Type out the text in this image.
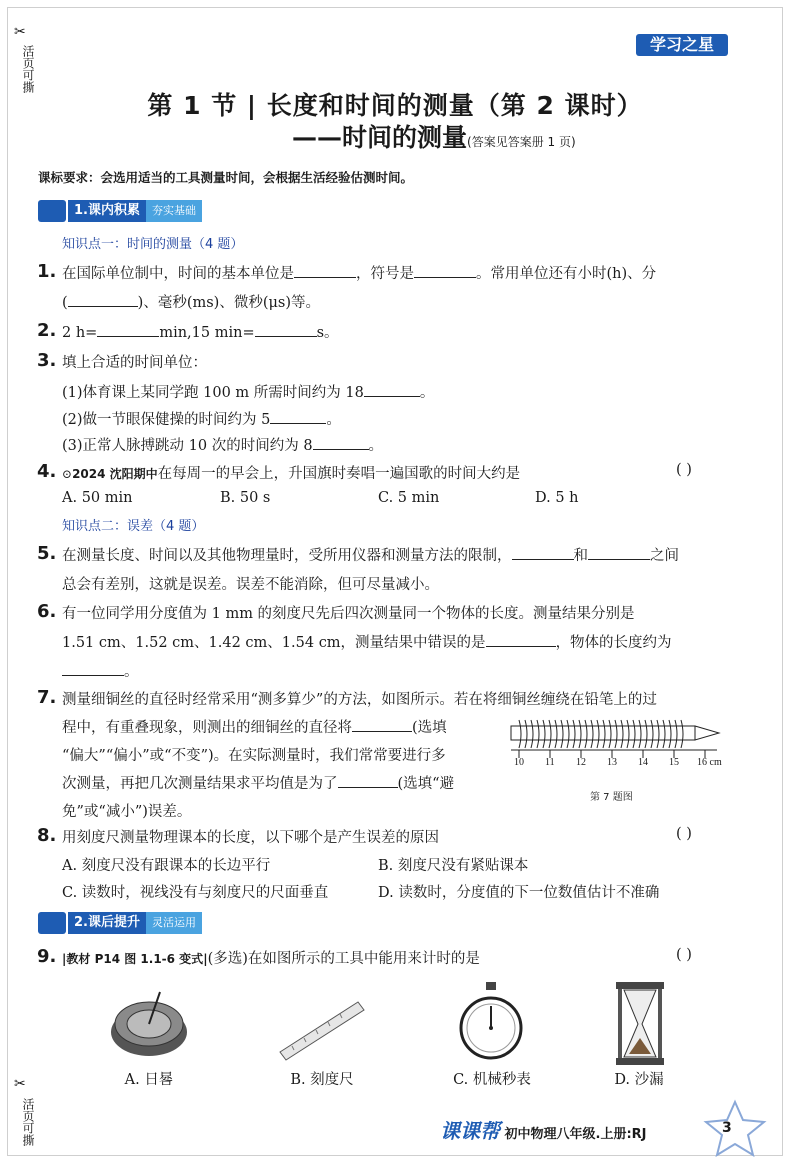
✂
活页可撕
✂
活页可撕
学习之星
第 1 节 | 长度和时间的测量（第 2 课时）
——时间的测量(答案见答案册 1 页)
课标要求：会选用适当的工具测量时间，会根据生活经验估测时间。
1.课内积累	夯实基础
知识点一：时间的测量（4 题）
1. 在国际单位制中，时间的基本单位是	，符号是	。常用单位还有小时(h)、分
(	)、毫秒(ms)、微秒(μs)等。
2. 2 h=	min,15 min=	s。
3. 填上合适的时间单位：
(1)体育课上某同学跑 100 m 所需时间约为 18	。
(2)做一节眼保健操的时间约为 5	。
(3)正常人脉搏跳动 10 次的时间约为 8	。
4. ⊙2024 沈阳期中在每周一的早会上，升国旗时奏唱一遍国歌的时间大约是	( )
A. 50 min	B. 50 s	C. 5 min	D. 5 h
知识点二：误差（4 题）
5. 在测量长度、时间以及其他物理量时，受所用仪器和测量方法的限制，	和	之间
总会有差别，这就是误差。误差不能消除，但可尽量减小。
6. 有一位同学用分度值为 1 mm 的刻度尺先后四次测量同一个物体的长度。测量结果分别是
1.51 cm、1.52 cm、1.42 cm、1.54 cm，测量结果中错误的是	，物体的长度约为
。
7. 测量细铜丝的直径时经常采用“测多算少”的方法，如图所示。若在将细铜丝缠绕在铅笔上的过
程中，有重叠现象，则测出的细铜丝的直径将	(选填
“偏大”“偏小”或“不变”)。在实际测量时，我们常常要进行多
次测量，再把几次测量结果求平均值是为了	(选填“避
免”或“减小”)误差。
10 11 12 13 14 15 16 cm
第 7 题图
8. 用刻度尺测量物理课本的长度，以下哪个是产生误差的原因	( )
A. 刻度尺没有跟课本的长边平行	B. 刻度尺没有紧贴课本
C. 读数时，视线没有与刻度尺的尺面垂直	D. 读数时，分度值的下一位数值估计不准确
2.课后提升	灵活运用
9. |教材 P14 图 1.1-6 变式|(多选)在如图所示的工具中能用来计时的是	( )
A. 日晷	B. 刻度尺	C. 机械秒表	D. 沙漏
课课帮 初中物理八年级.上册:RJ	3
